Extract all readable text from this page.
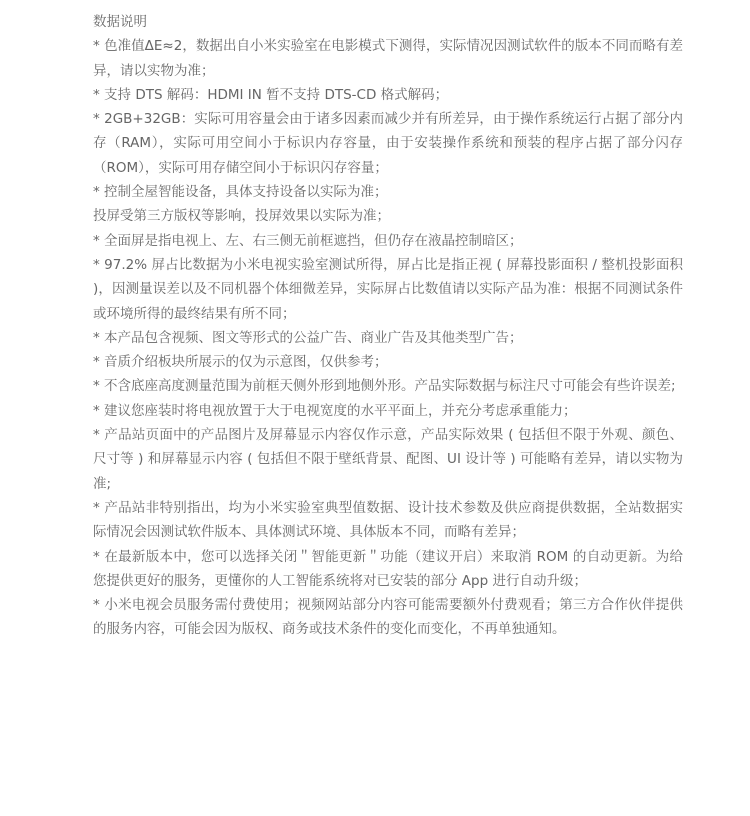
数据说明
* 色准值ΔE≈2，数据出自小米实验室在电影模式下测得，实际情况因测试软件的版本不同而略有差异，请以实物为准；
* 支持 DTS 解码：HDMI IN 暂不支持 DTS-CD 格式解码；
* 2GB+32GB：实际可用容量会由于诸多因素而减少并有所差异，由于操作系统运行占据了部分内存（RAM），实际可用空间小于标识内存容量，由于安装操作系统和预装的程序占据了部分闪存（ROM），实际可用存储空间小于标识闪存容量；
* 控制全屋智能设备，具体支持设备以实际为准；
投屏受第三方版权等影响，投屏效果以实际为准；
* 全面屏是指电视上、左、右三侧无前框遮挡，但仍存在液晶控制暗区；
* 97.2% 屏占比数据为小米电视实验室测试所得，屏占比是指正视 ( 屏幕投影面积 / 整机投影面积 )，因测量误差以及不同机器个体细微差异，实际屏占比数值请以实际产品为准：根据不同测试条件或环境所得的最终结果有所不同；
* 本产品包含视频、图文等形式的公益广告、商业广告及其他类型广告；
* 音质介绍板块所展示的仅为示意图，仅供参考；
* 不含底座高度测量范围为前框天侧外形到地侧外形。产品实际数据与标注尺寸可能会有些许误差;
* 建议您座装时将电视放置于大于电视宽度的水平平面上，并充分考虑承重能力；
* 产品站页面中的产品图片及屏幕显示内容仅作示意，产品实际效果 ( 包括但不限于外观、颜色、尺寸等 ) 和屏幕显示内容 ( 包括但不限于壁纸背景、配图、UI 设计等 ) 可能略有差异，请以实物为准;
* 产品站非特别指出，均为小米实验室典型值数据、设计技术参数及供应商提供数据，全站数据实际情况会因测试软件版本、具体测试环境、具体版本不同，而略有差异；
* 在最新版本中，您可以选择关闭＂智能更新＂功能（建议开启）来取消 ROM 的自动更新。为给您提供更好的服务，更懂你的人工智能系统将对已安装的部分 App 进行自动升级；
* 小米电视会员服务需付费使用；视频网站部分内容可能需要额外付费观看；第三方合作伙伴提供的服务内容，可能会因为版权、商务或技术条件的变化而变化，不再单独通知。
